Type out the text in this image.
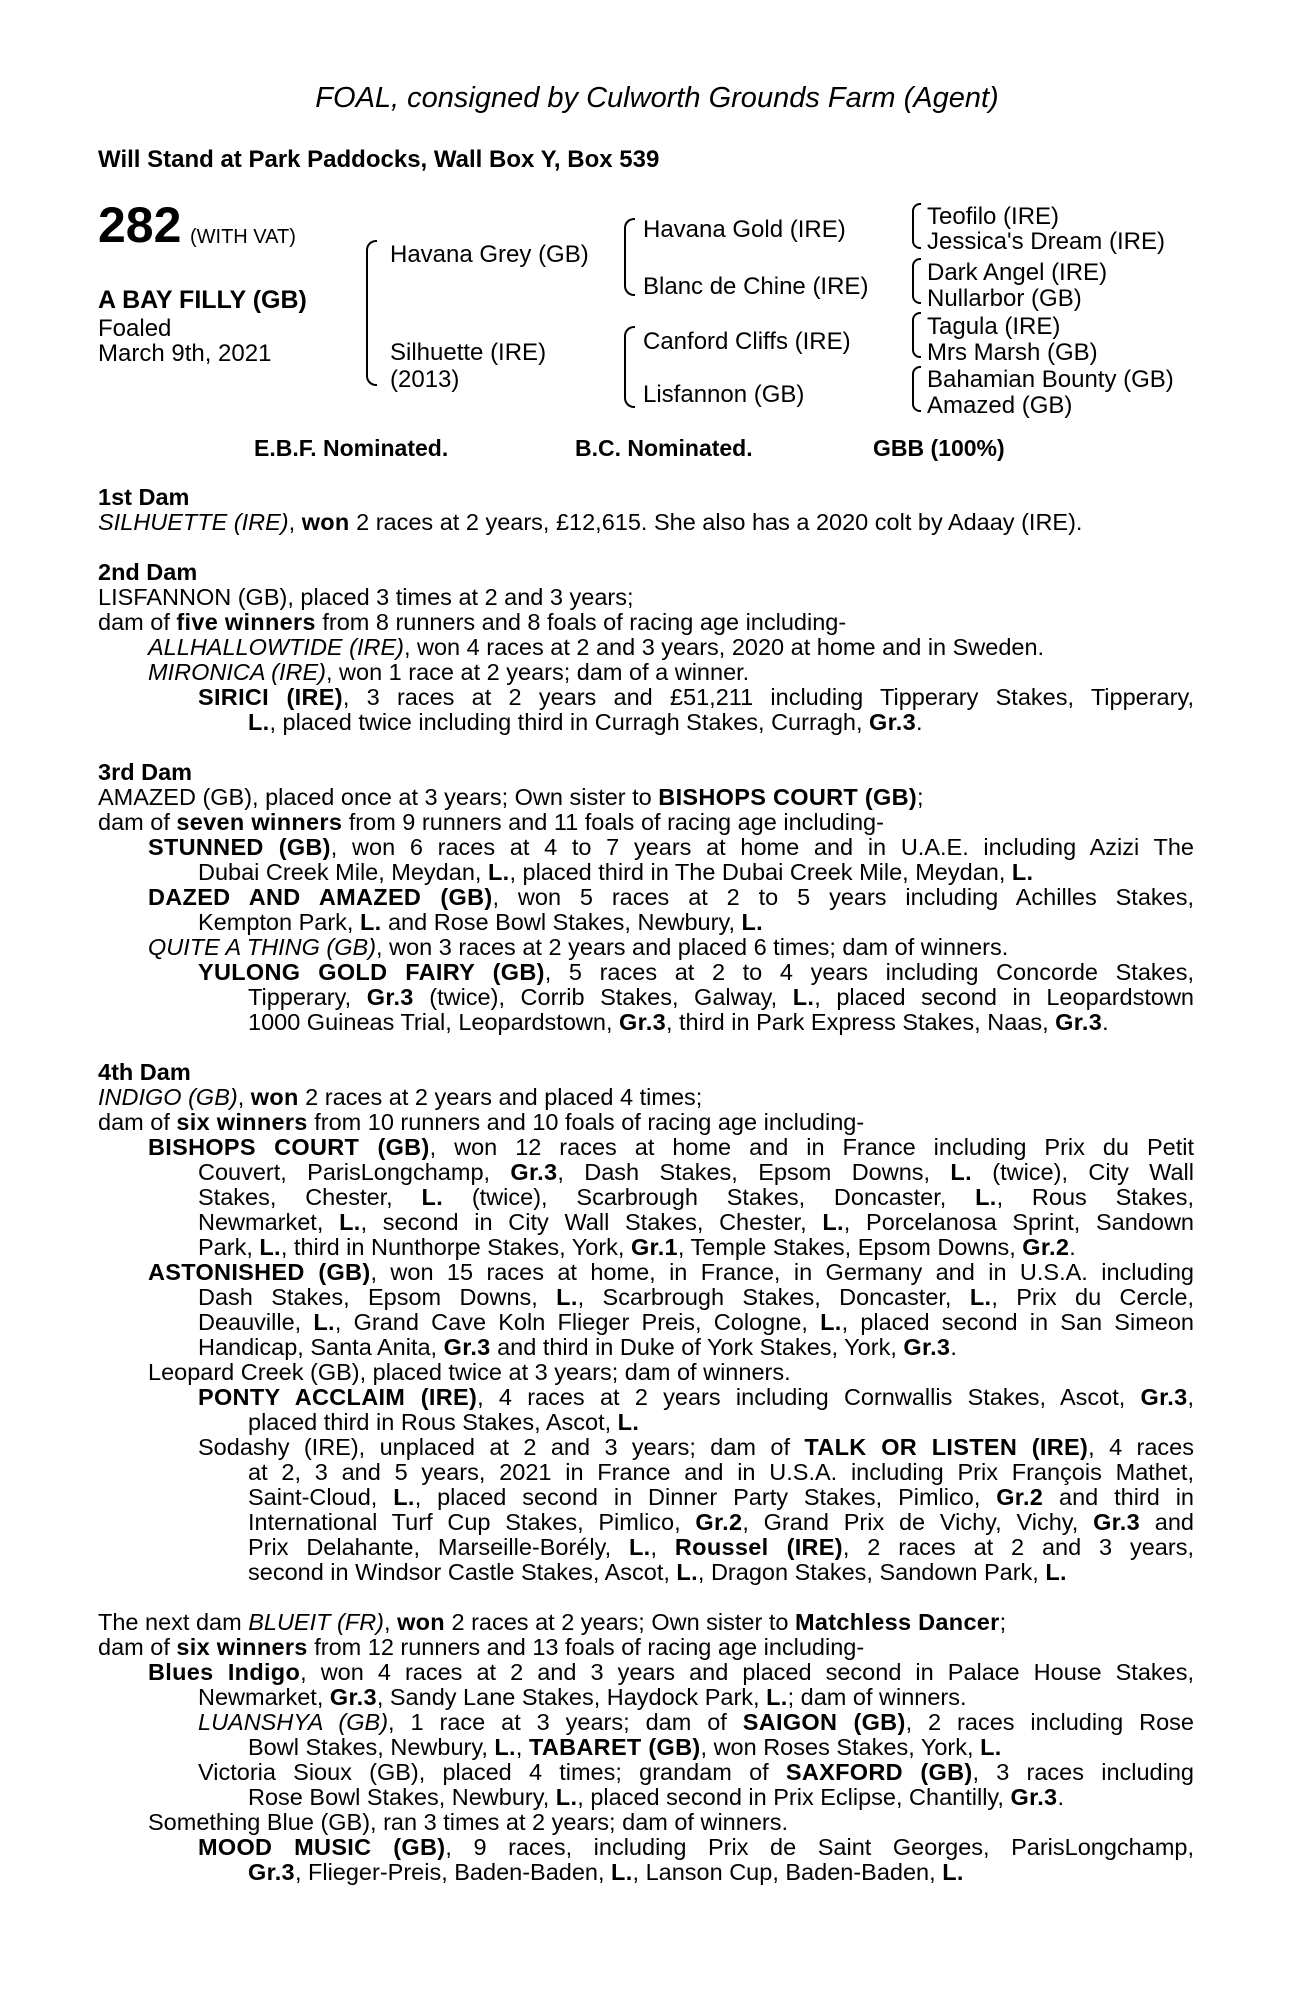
FOAL, consigned by Culworth Grounds Farm (Agent)
Will Stand at Park Paddocks, Wall Box Y, Box 539
282 (WITH VAT)
A BAY FILLY (GB)
Foaled
March 9th, 2021
Havana Grey (GB)
Silhuette (IRE)
(2013)
Havana Gold (IRE)
Blanc de Chine (IRE)
Canford Cliffs (IRE)
Lisfannon (GB)
Teofilo (IRE)
Jessica's Dream (IRE)
Dark Angel (IRE)
Nullarbor (GB)
Tagula (IRE)
Mrs Marsh (GB)
Bahamian Bounty (GB)
Amazed (GB)
E.B.F. Nominated.	B.C. Nominated.	GBB (100%)
1st Dam
SILHUETTE (IRE), won 2 races at 2 years, £12,615. She also has a 2020 colt by Adaay (IRE).
2nd Dam
LISFANNON (GB), placed 3 times at 2 and 3 years;
dam of five winners from 8 runners and 8 foals of racing age including-
ALLHALLOWTIDE (IRE), won 4 races at 2 and 3 years, 2020 at home and in Sweden.
MIRONICA (IRE), won 1 race at 2 years; dam of a winner.
SIRICI (IRE), 3 races at 2 years and £51,211 including Tipperary Stakes, Tipperary,
L., placed twice including third in Curragh Stakes, Curragh, Gr.3.
3rd Dam
AMAZED (GB), placed once at 3 years; Own sister to BISHOPS COURT (GB);
dam of seven winners from 9 runners and 11 foals of racing age including-
STUNNED (GB), won 6 races at 4 to 7 years at home and in U.A.E. including Azizi The
Dubai Creek Mile, Meydan, L., placed third in The Dubai Creek Mile, Meydan, L.
DAZED AND AMAZED (GB), won 5 races at 2 to 5 years including Achilles Stakes,
Kempton Park, L. and Rose Bowl Stakes, Newbury, L.
QUITE A THING (GB), won 3 races at 2 years and placed 6 times; dam of winners.
YULONG GOLD FAIRY (GB), 5 races at 2 to 4 years including Concorde Stakes,
Tipperary, Gr.3 (twice), Corrib Stakes, Galway, L., placed second in Leopardstown
1000 Guineas Trial, Leopardstown, Gr.3, third in Park Express Stakes, Naas, Gr.3.
4th Dam
INDIGO (GB), won 2 races at 2 years and placed 4 times;
dam of six winners from 10 runners and 10 foals of racing age including-
BISHOPS COURT (GB), won 12 races at home and in France including Prix du Petit
Couvert, ParisLongchamp, Gr.3, Dash Stakes, Epsom Downs, L. (twice), City Wall
Stakes, Chester, L. (twice), Scarbrough Stakes, Doncaster, L., Rous Stakes,
Newmarket, L., second in City Wall Stakes, Chester, L., Porcelanosa Sprint, Sandown
Park, L., third in Nunthorpe Stakes, York, Gr.1, Temple Stakes, Epsom Downs, Gr.2.
ASTONISHED (GB), won 15 races at home, in France, in Germany and in U.S.A. including
Dash Stakes, Epsom Downs, L., Scarbrough Stakes, Doncaster, L., Prix du Cercle,
Deauville, L., Grand Cave Koln Flieger Preis, Cologne, L., placed second in San Simeon
Handicap, Santa Anita, Gr.3 and third in Duke of York Stakes, York, Gr.3.
Leopard Creek (GB), placed twice at 3 years; dam of winners.
PONTY ACCLAIM (IRE), 4 races at 2 years including Cornwallis Stakes, Ascot, Gr.3,
placed third in Rous Stakes, Ascot, L.
Sodashy (IRE), unplaced at 2 and 3 years; dam of TALK OR LISTEN (IRE), 4 races
at 2, 3 and 5 years, 2021 in France and in U.S.A. including Prix François Mathet,
Saint-Cloud, L., placed second in Dinner Party Stakes, Pimlico, Gr.2 and third in
International Turf Cup Stakes, Pimlico, Gr.2, Grand Prix de Vichy, Vichy, Gr.3 and
Prix Delahante, Marseille-Borély, L., Roussel (IRE), 2 races at 2 and 3 years,
second in Windsor Castle Stakes, Ascot, L., Dragon Stakes, Sandown Park, L.
The next dam BLUEIT (FR), won 2 races at 2 years; Own sister to Matchless Dancer;
dam of six winners from 12 runners and 13 foals of racing age including-
Blues Indigo, won 4 races at 2 and 3 years and placed second in Palace House Stakes,
Newmarket, Gr.3, Sandy Lane Stakes, Haydock Park, L.; dam of winners.
LUANSHYA (GB), 1 race at 3 years; dam of SAIGON (GB), 2 races including Rose
Bowl Stakes, Newbury, L., TABARET (GB), won Roses Stakes, York, L.
Victoria Sioux (GB), placed 4 times; grandam of SAXFORD (GB), 3 races including
Rose Bowl Stakes, Newbury, L., placed second in Prix Eclipse, Chantilly, Gr.3.
Something Blue (GB), ran 3 times at 2 years; dam of winners.
MOOD MUSIC (GB), 9 races, including Prix de Saint Georges, ParisLongchamp,
Gr.3, Flieger-Preis, Baden-Baden, L., Lanson Cup, Baden-Baden, L.
